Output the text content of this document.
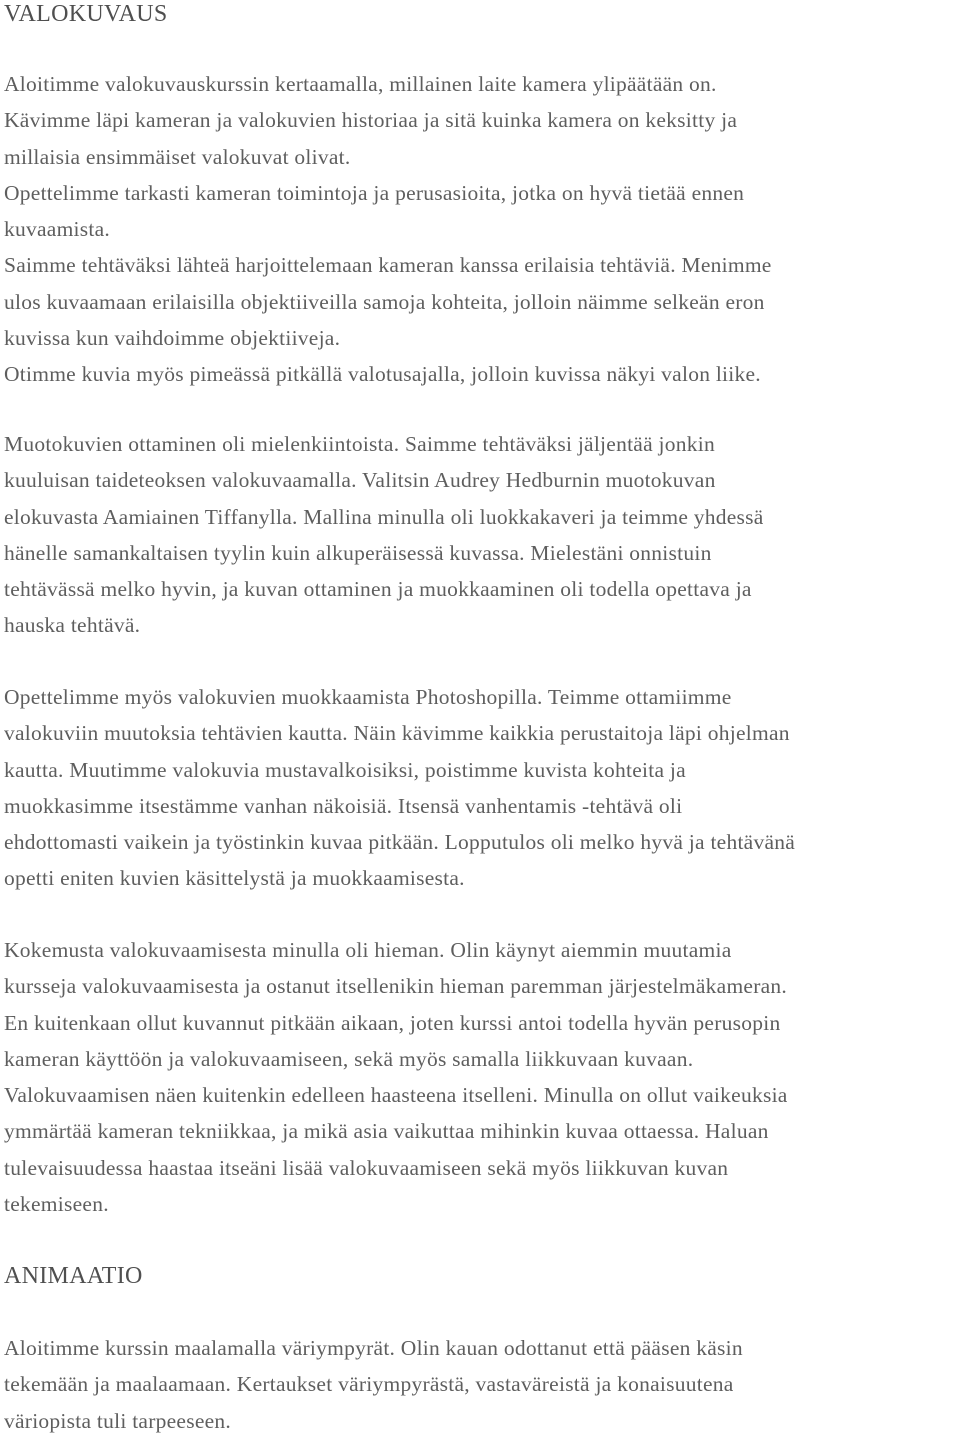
VALOKUVAUS
Aloitimme valokuvauskurssin kertaamalla, millainen laite kamera ylipäätään on.
Kävimme läpi kameran ja valokuvien historiaa ja sitä kuinka kamera on keksitty ja
millaisia ensimmäiset valokuvat olivat.
Opettelimme tarkasti kameran toimintoja ja perusasioita, jotka on hyvä tietää ennen
kuvaamista.
Saimme tehtäväksi lähteä harjoittelemaan kameran kanssa erilaisia tehtäviä. Menimme
ulos kuvaamaan erilaisilla objektiiveilla samoja kohteita, jolloin näimme selkeän eron
kuvissa kun vaihdoimme objektiiveja.
Otimme kuvia myös pimeässä pitkällä valotusajalla, jolloin kuvissa näkyi valon liike.
Muotokuvien ottaminen oli mielenkiintoista. Saimme tehtäväksi jäljentää jonkin
kuuluisan taideteoksen valokuvaamalla. Valitsin Audrey Hedburnin muotokuvan
elokuvasta Aamiainen Tiffanylla. Mallina minulla oli luokkakaveri ja teimme yhdessä
hänelle samankaltaisen tyylin kuin alkuperäisessä kuvassa. Mielestäni onnistuin
tehtävässä melko hyvin, ja kuvan ottaminen ja muokkaaminen oli todella opettava ja
hauska tehtävä.
Opettelimme myös valokuvien muokkaamista Photoshopilla. Teimme ottamiimme
valokuviin muutoksia tehtävien kautta. Näin kävimme kaikkia perustaitoja läpi ohjelman
kautta. Muutimme valokuvia mustavalkoisiksi, poistimme kuvista kohteita ja
muokkasimme itsestämme vanhan näkoisiä. Itsensä vanhentamis -tehtävä oli
ehdottomasti vaikein ja työstinkin kuvaa pitkään. Lopputulos oli melko hyvä ja tehtävänä
opetti eniten kuvien käsittelystä ja muokkaamisesta.
Kokemusta valokuvaamisesta minulla oli hieman. Olin käynyt aiemmin muutamia
kursseja valokuvaamisesta ja ostanut itsellenikin hieman paremman järjestelmäkameran.
En kuitenkaan ollut kuvannut pitkään aikaan, joten kurssi antoi todella hyvän perusopin
kameran käyttöön ja valokuvaamiseen, sekä myös samalla liikkuvaan kuvaan.
Valokuvaamisen näen kuitenkin edelleen haasteena itselleni. Minulla on ollut vaikeuksia
ymmärtää kameran tekniikkaa, ja mikä asia vaikuttaa mihinkin kuvaa ottaessa. Haluan
tulevaisuudessa haastaa itseäni lisää valokuvaamiseen sekä myös liikkuvan kuvan
tekemiseen.
ANIMAATIO
Aloitimme kurssin maalamalla väriympyrät. Olin kauan odottanut että pääsen käsin
tekemään ja maalaamaan. Kertaukset väriympyrästä, vastaväreistä ja konaisuutena
väriopista tuli tarpeeseen.
